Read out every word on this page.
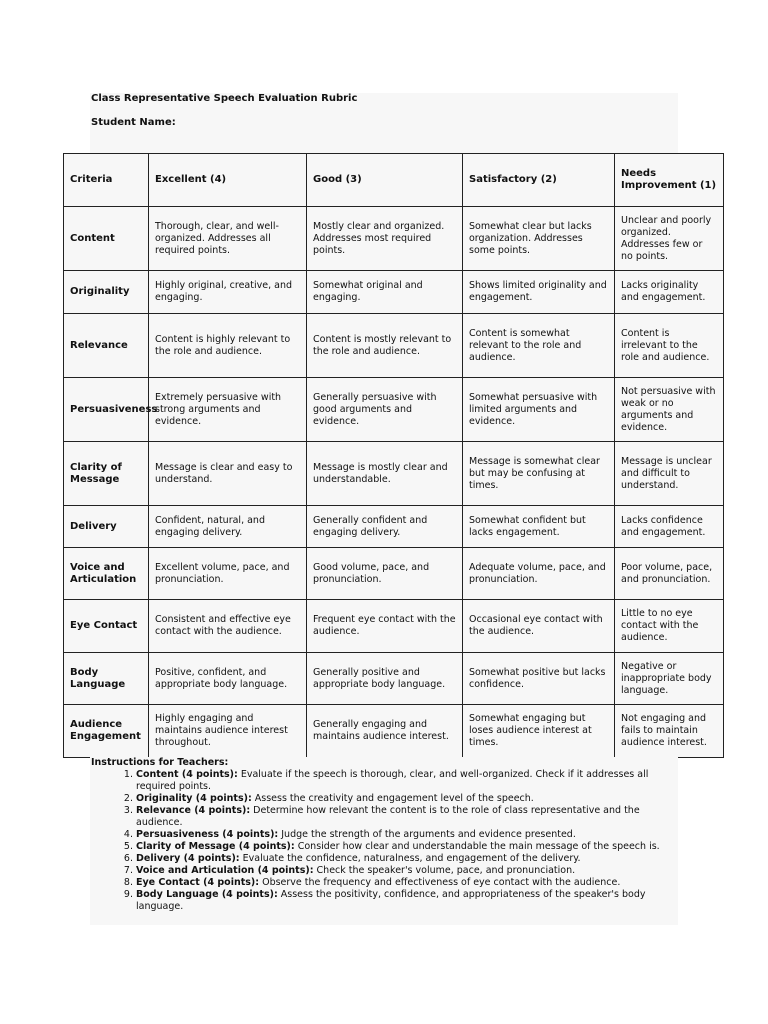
Class Representative Speech Evaluation Rubric
Student Name:
Criteria	Excellent (4)	Good (3)	Satisfactory (2)	Needs Improvement (1)
Content	Thorough, clear, and well-organized. Addresses all required points.	Mostly clear and organized. Addresses most required points.	Somewhat clear but lacks organization. Addresses some points.	Unclear and poorly organized. Addresses few or no points.
Originality	Highly original, creative, and engaging.	Somewhat original and engaging.	Shows limited originality and engagement.	Lacks originality and engagement.
Relevance	Content is highly relevant to the role and audience.	Content is mostly relevant to the role and audience.	Content is somewhat relevant to the role and audience.	Content is irrelevant to the role and audience.
Persuasiveness	Extremely persuasive with strong arguments and evidence.	Generally persuasive with good arguments and evidence.	Somewhat persuasive with limited arguments and evidence.	Not persuasive with weak or no arguments and evidence.
Clarity of Message	Message is clear and easy to understand.	Message is mostly clear and understandable.	Message is somewhat clear but may be confusing at times.	Message is unclear and difficult to understand.
Delivery	Confident, natural, and engaging delivery.	Generally confident and engaging delivery.	Somewhat confident but lacks engagement.	Lacks confidence and engagement.
Voice and Articulation	Excellent volume, pace, and pronunciation.	Good volume, pace, and pronunciation.	Adequate volume, pace, and pronunciation.	Poor volume, pace, and pronunciation.
Eye Contact	Consistent and effective eye contact with the audience.	Frequent eye contact with the audience.	Occasional eye contact with the audience.	Little to no eye contact with the audience.
Body Language	Positive, confident, and appropriate body language.	Generally positive and appropriate body language.	Somewhat positive but lacks confidence.	Negative or inappropriate body language.
Audience Engagement	Highly engaging and maintains audience interest throughout.	Generally engaging and maintains audience interest.	Somewhat engaging but loses audience interest at times.	Not engaging and fails to maintain audience interest.
Instructions for Teachers:
1. Content (4 points): Evaluate if the speech is thorough, clear, and well-organized. Check if it addresses all required points.
2. Originality (4 points): Assess the creativity and engagement level of the speech.
3. Relevance (4 points): Determine how relevant the content is to the role of class representative and the audience.
4. Persuasiveness (4 points): Judge the strength of the arguments and evidence presented.
5. Clarity of Message (4 points): Consider how clear and understandable the main message of the speech is.
6. Delivery (4 points): Evaluate the confidence, naturalness, and engagement of the delivery.
7. Voice and Articulation (4 points): Check the speaker's volume, pace, and pronunciation.
8. Eye Contact (4 points): Observe the frequency and effectiveness of eye contact with the audience.
9. Body Language (4 points): Assess the positivity, confidence, and appropriateness of the speaker's body language.
